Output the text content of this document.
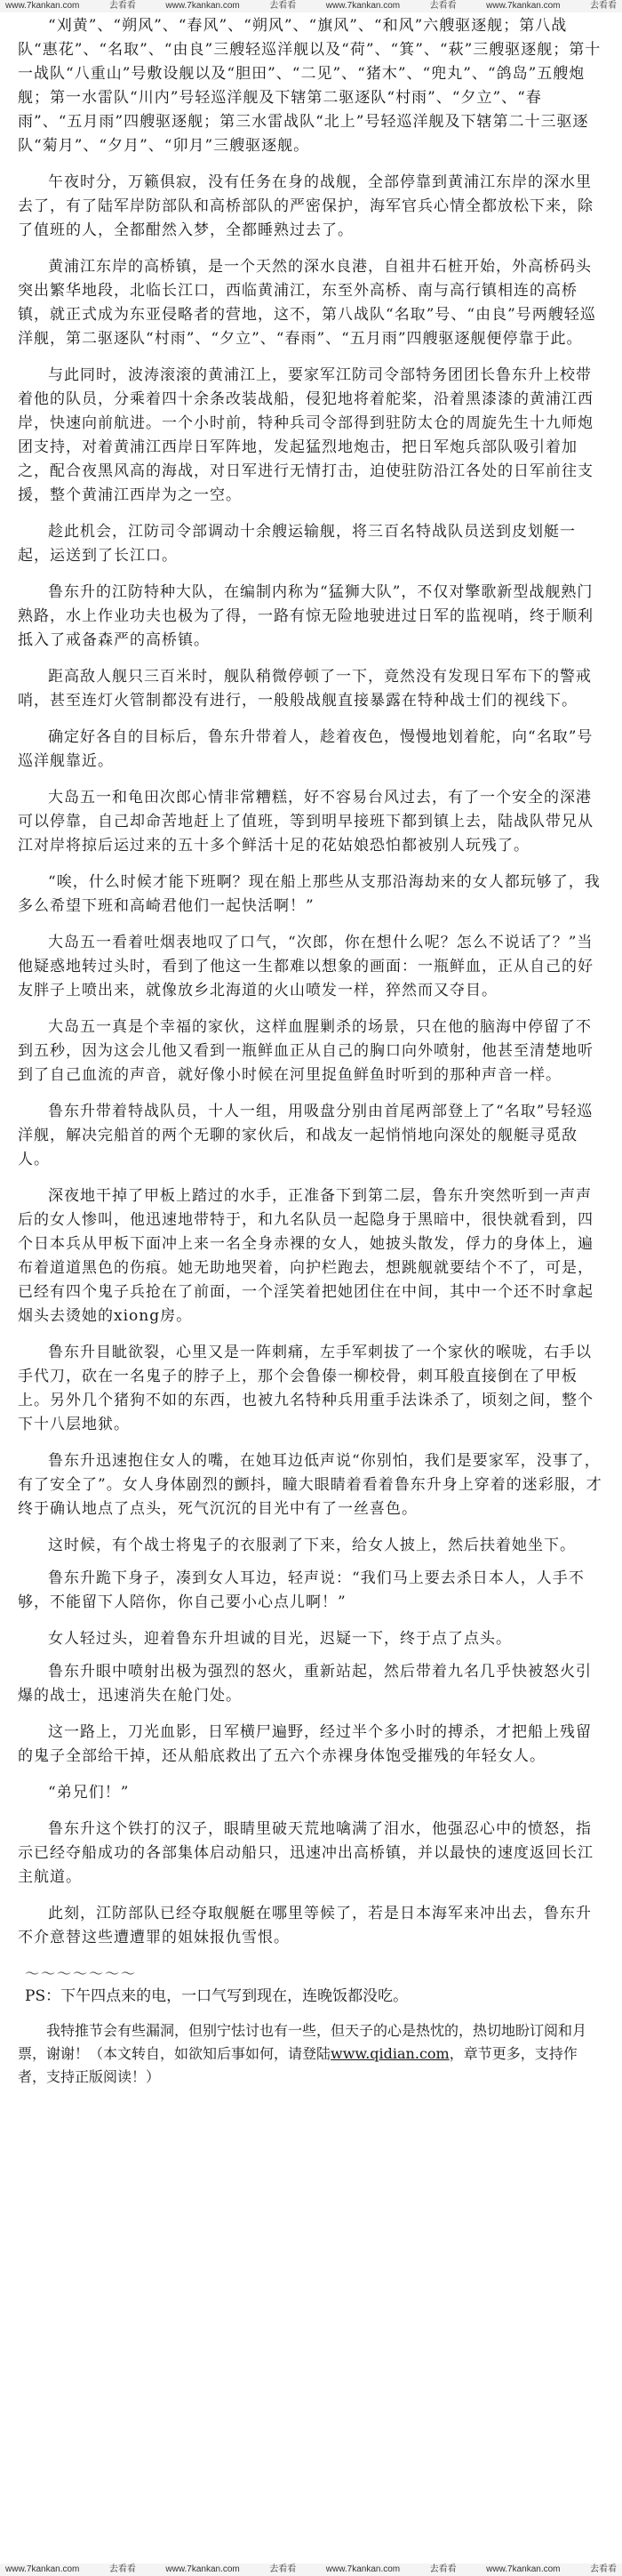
www.7kankan.com	去看看	www.7kankan.com	去看看	www.7kankan.com	去看看	www.7kankan.com	去看看

“刈黄”、“朔风”、“春风”、“朔风”、“旗风”、“和风”六艘驱逐舰；第八战队“惠花”、“名取”、“由良”三艘轻巡洋舰以及“荷”、“箕”、“萩”三艘驱逐舰；第十一战队“八重山”号敷设舰以及“胆田”、“二见”、“猪木”、“兜丸”、“鸽岛”五艘炮舰；第一水雷队“川内”号轻巡洋舰及下辖第二驱逐队“村雨”、“夕立”、“春雨”、“五月雨”四艘驱逐舰；第三水雷战队“北上”号轻巡洋舰及下辖第二十三驱逐队“菊月”、“夕月”、“卯月”三艘驱逐舰。

午夜时分，万籁俱寂，没有任务在身的战舰，全部停靠到黄浦江东岸的深水里去了，有了陆军岸防部队和高桥部队的严密保护，海军官兵心情全都放松下来，除了值班的人，全都酣然入梦，全都睡熟过去了。

黄浦江东岸的高桥镇，是一个天然的深水良港，自祖井石桩开始，外高桥码头突出繁华地段，北临长江口，西临黄浦江，东至外高桥、南与高行镇相连的高桥镇，就正式成为东亚侵略者的营地，这不，第八战队“名取”号、“由良”号两艘轻巡洋舰，第二驱逐队“村雨”、“夕立”、“春雨”、“五月雨”四艘驱逐舰便停靠于此。

与此同时，波涛滚滚的黄浦江上，要家军江防司令部特务团团长鲁东升上校带着他的队员，分乘着四十余条改装战船，侵犯地将着舵桨，沿着黑漆漆的黄浦江西岸，快速向前航进。一个小时前，特种兵司令部得到驻防太仓的周旋先生十九师炮团支持，对着黄浦江西岸日军阵地，发起猛烈地炮击，把日军炮兵部队吸引着加之，配合夜黑风高的海战，对日军进行无情打击，迫使驻防沿江各处的日军前往支援，整个黄浦江西岸为之一空。

趁此机会，江防司令部调动十余艘运输舰，将三百名特战队员送到皮划艇一起，运送到了长江口。

鲁东升的江防特种大队，在编制内称为“猛狮大队”，不仅对擎歌新型战舰熟门熟路，水上作业功夫也极为了得，一路有惊无险地驶进过日军的监视哨，终于顺利抵入了戒备森严的高桥镇。

距高敌人舰只三百米时，舰队稍微停顿了一下，竟然没有发现日军布下的警戒哨，甚至连灯火管制都没有进行，一般般战舰直接暴露在特种战士们的视线下。

确定好各自的目标后，鲁东升带着人，趁着夜色，慢慢地划着舵，向“名取”号巡洋舰靠近。

大岛五一和龟田次郎心情非常糟糕，好不容易台风过去，有了一个安全的深港可以停靠，自己却命苦地赶上了值班，等到明早接班下都到镇上去，陆战队带兄从江对岸将掠后运过来的五十多个鲜活十足的花姑娘恐怕都被别人玩残了。

“唉，什么时候才能下班啊？现在船上那些从支那沿海劫来的女人都玩够了，我多么希望下班和高崎君他们一起快活啊！”

大岛五一看着吐烟表地叹了口气，“次郎，你在想什么呢？怎么不说话了？”当他疑惑地转过头时，看到了他这一生都难以想象的画面：一瓶鲜血，正从自己的好友胖子上喷出来，就像放乡北海道的火山喷发一样，猝然而又夺目。

大岛五一真是个幸福的家伙，这样血腥剿杀的场景，只在他的脑海中停留了不到五秒，因为这会儿他又看到一瓶鲜血正从自己的胸口向外喷射，他甚至清楚地听到了自己血流的声音，就好像小时候在河里捉鱼鲜鱼时听到的那种声音一样。

鲁东升带着特战队员，十人一组，用吸盘分别由首尾两部登上了“名取”号轻巡洋舰，解决完船首的两个无聊的家伙后，和战友一起悄悄地向深处的舰艇寻觅敌人。

深夜地干掉了甲板上踏过的水手，正准备下到第二层，鲁东升突然听到一声声后的女人惨叫，他迅速地带特于，和九名队员一起隐身于黑暗中，很快就看到，四个日本兵从甲板下面冲上来一名全身赤裸的女人，她披头散发，俘力的身体上，遍布着道道黑色的伤痕。她无助地哭着，向护栏跑去，想跳舰就要结个不了，可是，已经有四个鬼子兵抢在了前面，一个淫笑着把她团住在中间，其中一个还不时拿起烟头去烫她的xiong房。

鲁东升目眦欲裂，心里又是一阵刺痛，左手军刺拔了一个家伙的喉咙，右手以手代刀，砍在一名鬼子的脖子上，那个会鲁傣一柳校骨，刺耳般直接倒在了甲板上。另外几个猪狗不如的东西，也被九名特种兵用重手法诛杀了，顷刻之间，整个下十八层地狱。

鲁东升迅速抱住女人的嘴，在她耳边低声说“你别怕，我们是要家军，没事了，有了安全了”。女人身体剧烈的颤抖，瞳大眼睛着看着鲁东升身上穿着的迷彩服，才终于确认地点了点头，死气沉沉的目光中有了一丝喜色。

这时候，有个战士将鬼子的衣服剥了下来，给女人披上，然后扶着她坐下。

鲁东升跪下身子，凑到女人耳边，轻声说：“我们马上要去杀日本人，人手不够，不能留下人陪你，你自己要小心点儿啊！”

女人轻过头，迎着鲁东升坦诚的目光，迟疑一下，终于点了点头。

鲁东升眼中喷射出极为强烈的怒火，重新站起，然后带着九名几乎快被怒火引爆的战士，迅速消失在舱门处。

这一路上，刀光血影，日军横尸遍野，经过半个多小时的搏杀，才把船上残留的鬼子全部给干掉，还从船底救出了五六个赤裸身体饱受摧残的年轻女人。

“弟兄们！”

鲁东升这个铁打的汉子，眼睛里破天荒地噙满了泪水，他强忍心中的愤怒，指示已经夺船成功的各部集体启动船只，迅速冲出高桥镇，并以最快的速度返回长江主航道。

此刻，江防部队已经夺取舰艇在哪里等候了，若是日本海军来冲出去，鲁东升不介意替这些遭遭罪的姐妹报仇雪恨。

～～～～～～～

PS：下午四点来的电，一口气写到现在，连晚饭都没吃。

我特推节会有些漏洞，但别宁怯讨也有一些，但天子的心是热忱的，热切地盼订阅和月票，谢谢！（本文转自，如欲知后事如何，请登陆www.qidian.com，章节更多，支持作者，支持正版阅读！）

www.7kankan.com	去看看	www.7kankan.com	去看看	www.7kankan.com	去看看	www.7kankan.com	去看看
